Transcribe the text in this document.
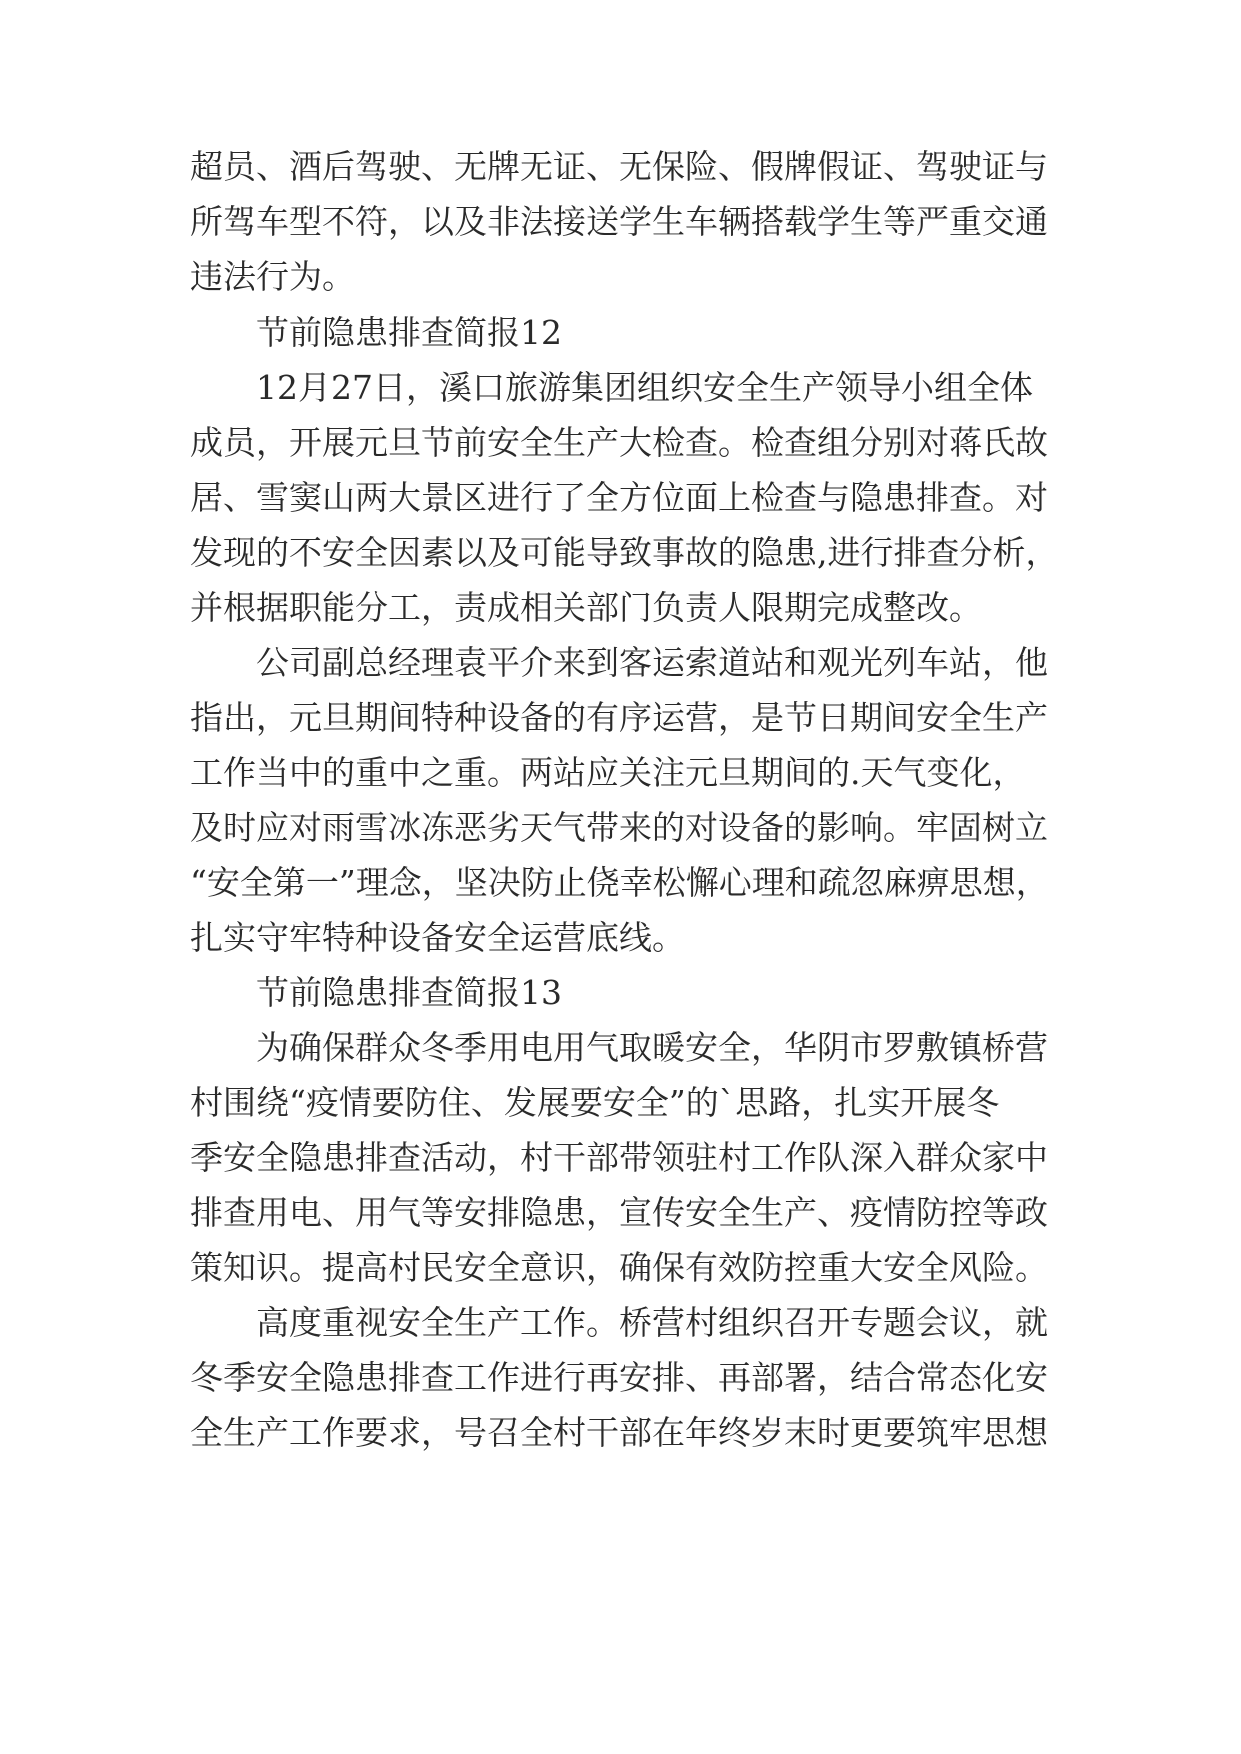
超员、酒后驾驶、无牌无证、无保险、假牌假证、驾驶证与
所驾车型不符，以及非法接送学生车辆搭载学生等严重交通
违法行为。
节前隐患排查简报12
12月27日，溪口旅游集团组织安全生产领导小组全体
成员，开展元旦节前安全生产大检查。检查组分别对蒋氏故
居、雪窦山两大景区进行了全方位面上检查与隐患排查。对
发现的不安全因素以及可能导致事故的隐患,进行排查分析，
并根据职能分工，责成相关部门负责人限期完成整改。
公司副总经理袁平介来到客运索道站和观光列车站，他
指出，元旦期间特种设备的有序运营，是节日期间安全生产
工作当中的重中之重。两站应关注元旦期间的.天气变化，
及时应对雨雪冰冻恶劣天气带来的对设备的影响。牢固树立
“安全第一”理念，坚决防止侥幸松懈心理和疏忽麻痹思想，
扎实守牢特种设备安全运营底线。
节前隐患排查简报13
为确保群众冬季用电用气取暖安全，华阴市罗敷镇桥营
村围绕“疫情要防住、发展要安全”的`思路，扎实开展冬
季安全隐患排查活动，村干部带领驻村工作队深入群众家中
排查用电、用气等安排隐患，宣传安全生产、疫情防控等政
策知识。提高村民安全意识，确保有效防控重大安全风险。
高度重视安全生产工作。桥营村组织召开专题会议，就
冬季安全隐患排查工作进行再安排、再部署，结合常态化安
全生产工作要求，号召全村干部在年终岁末时更要筑牢思想
